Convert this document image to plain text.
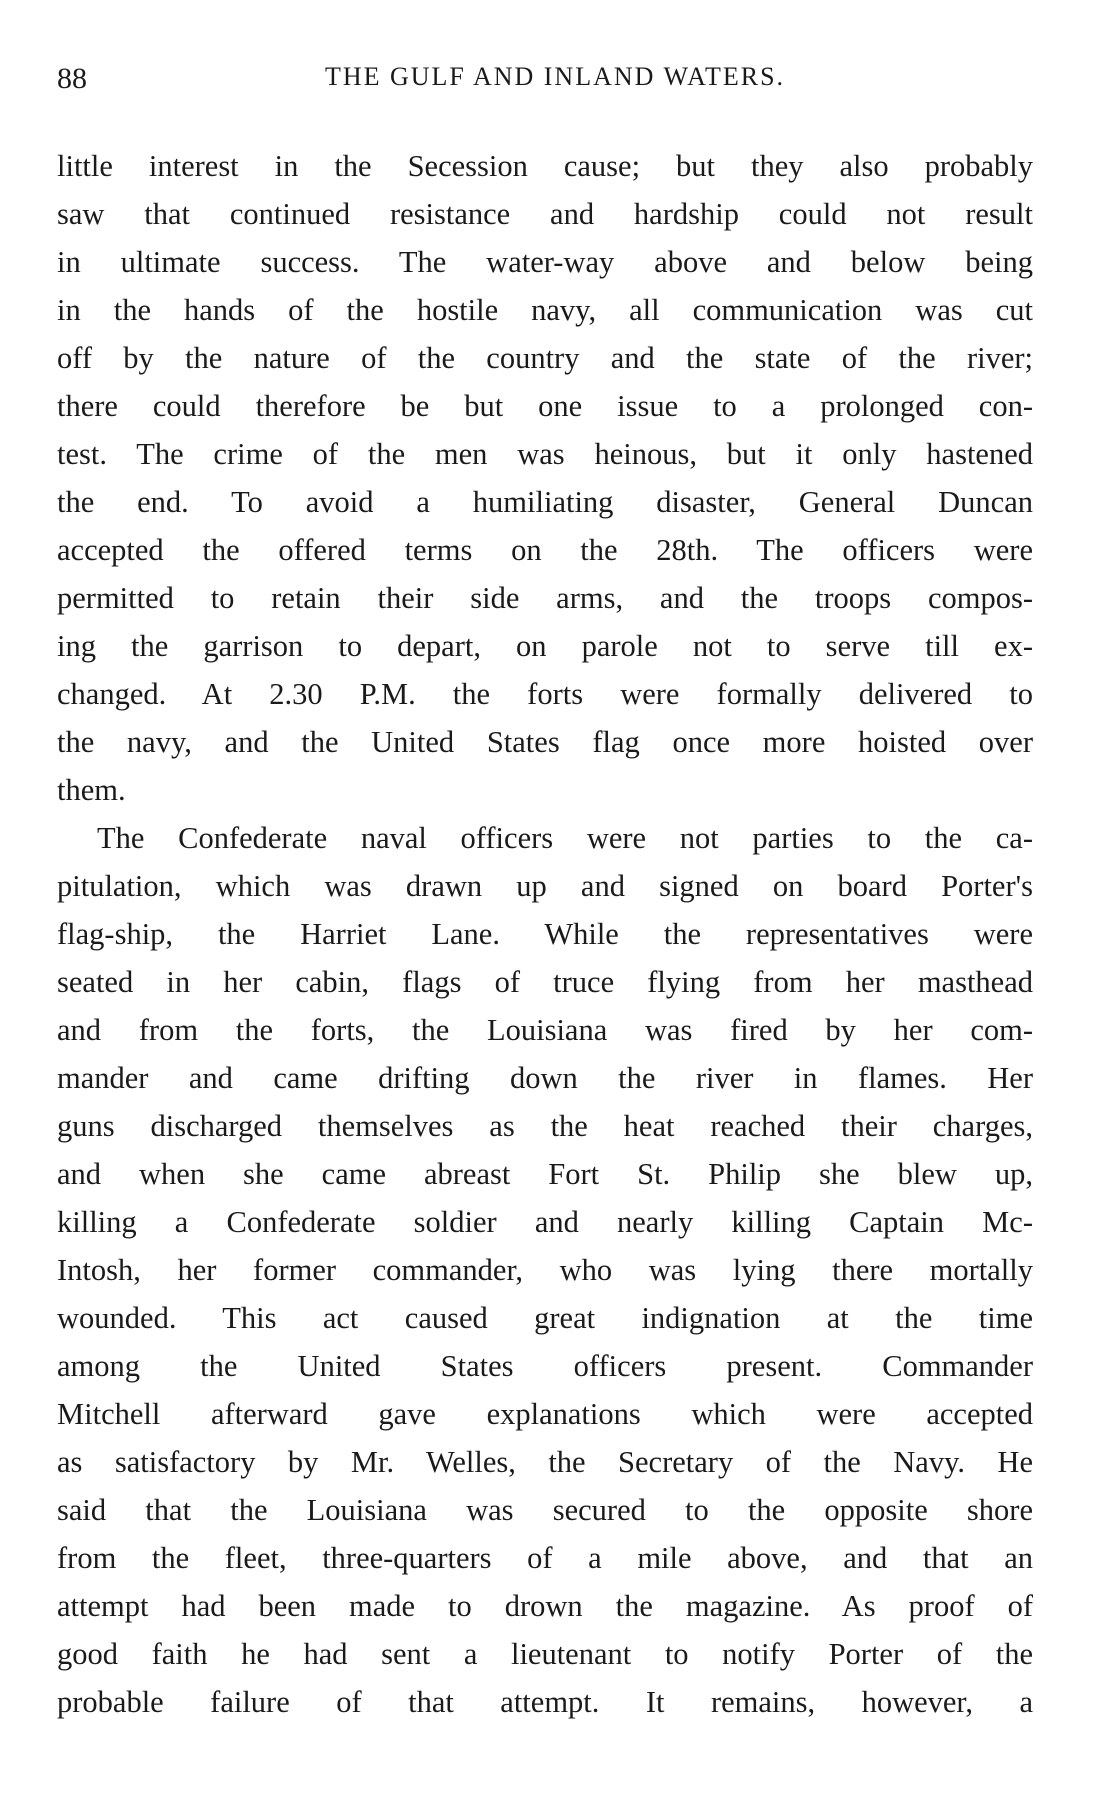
88	THE GULF AND INLAND WATERS.
little interest in the Secession cause; but they also probably
saw that continued resistance and hardship could not result
in ultimate success. The water-way above and below being
in the hands of the hostile navy, all communication was cut
off by the nature of the country and the state of the river;
there could therefore be but one issue to a prolonged con-
test. The crime of the men was heinous, but it only hastened
the end. To avoid a humiliating disaster, General Duncan
accepted the offered terms on the 28th. The officers were
permitted to retain their side arms, and the troops compos-
ing the garrison to depart, on parole not to serve till ex-
changed. At 2.30 P.M. the forts were formally delivered to
the navy, and the United States flag once more hoisted over
them.
The Confederate naval officers were not parties to the ca-
pitulation, which was drawn up and signed on board Porter's
flag-ship, the Harriet Lane. While the representatives were
seated in her cabin, flags of truce flying from her masthead
and from the forts, the Louisiana was fired by her com-
mander and came drifting down the river in flames. Her
guns discharged themselves as the heat reached their charges,
and when she came abreast Fort St. Philip she blew up,
killing a Confederate soldier and nearly killing Captain Mc-
Intosh, her former commander, who was lying there mortally
wounded. This act caused great indignation at the time
among the United States officers present. Commander
Mitchell afterward gave explanations which were accepted
as satisfactory by Mr. Welles, the Secretary of the Navy. He
said that the Louisiana was secured to the opposite shore
from the fleet, three-quarters of a mile above, and that an
attempt had been made to drown the magazine. As proof of
good faith he had sent a lieutenant to notify Porter of the
probable failure of that attempt. It remains, however, a
